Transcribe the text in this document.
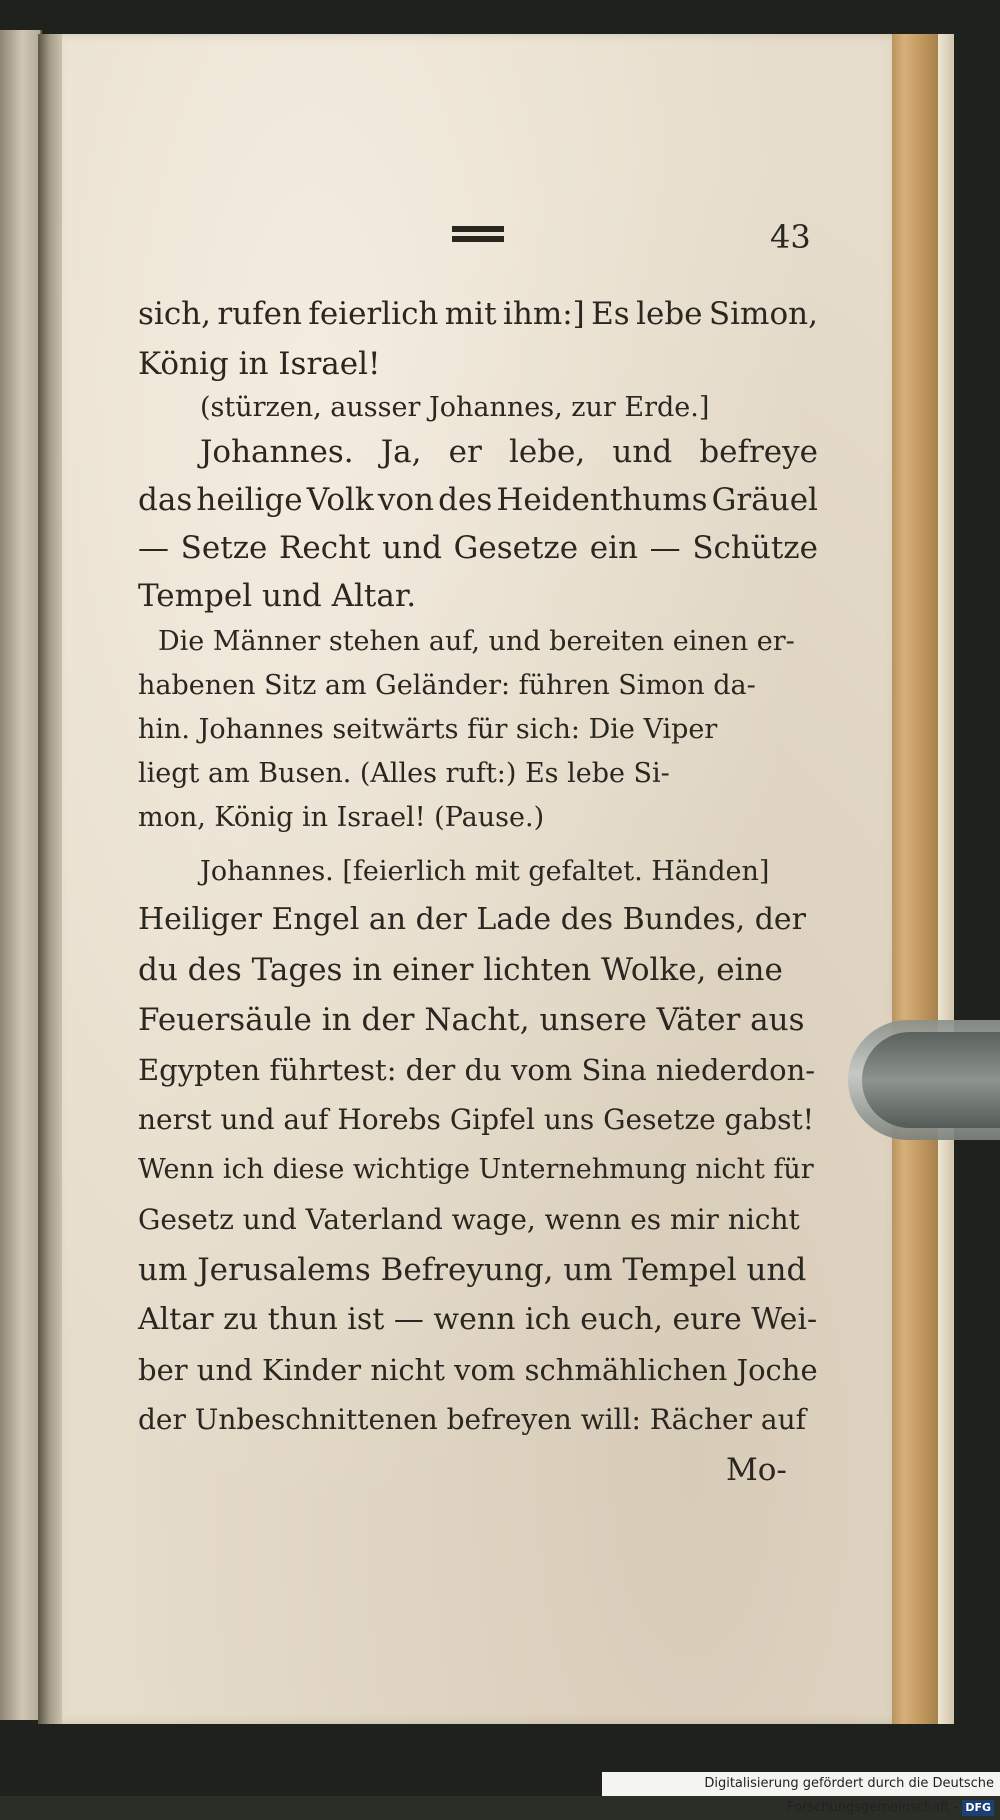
43

sich, rufen feierlich mit ihm:] Es lebe Simon,

König in Israel!

(stürzen, ausser Johannes, zur Erde.]

Johannes. Ja, er lebe, und befreye

das heilige Volk von des Heidenthums Gräuel

— Setze Recht und Gesetze ein — Schütze

Tempel und Altar.

Die Männer stehen auf, und bereiten einen er-

habenen Sitz am Geländer: führen Simon da-

hin. Johannes seitwärts für sich: Die Viper

liegt am Busen. (Alles ruft:) Es lebe Si-

mon, König in Israel! (Pause.)

Johannes. [feierlich mit gefaltet. Händen]

Heiliger Engel an der Lade des Bundes, der

du des Tages in einer lichten Wolke, eine

Feuersäule in der Nacht, unsere Väter aus

Egypten führtest: der du vom Sina niederdon-

nerst und auf Horebs Gipfel uns Gesetze gabst!

Wenn ich diese wichtige Unternehmung nicht für

Gesetz und Vaterland wage, wenn es mir nicht

um Jerusalems Befreyung, um Tempel und

Altar zu thun ist — wenn ich euch, eure Wei-

ber und Kinder nicht vom schmählichen Joche

der Unbeschnittenen befreyen will: Rächer auf

Mo-

Digitalisierung gefördert durch die Deutsche Forschungsgemeinschaft - DFG
